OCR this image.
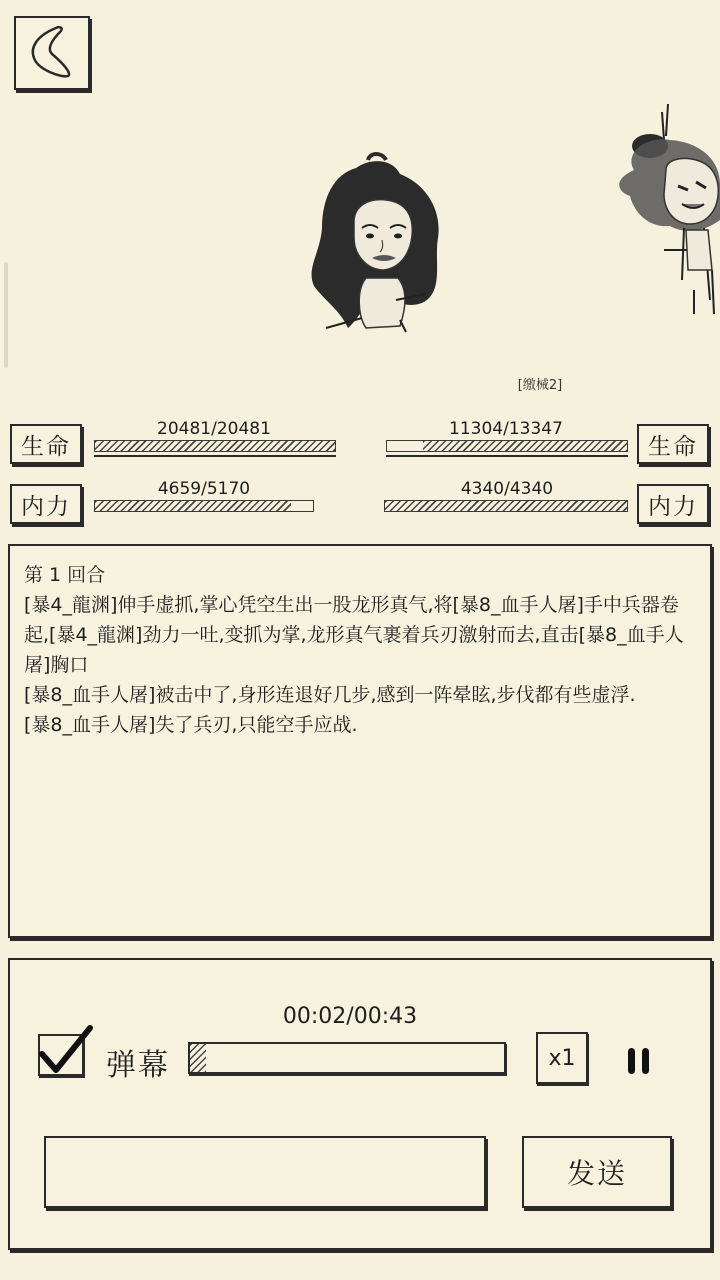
[缴械2]
生命
20481/20481
生命
11304/13347
内力
4659/5170
内力
4340/4340

第 1 回合

[暴4_龍渊]伸手虚抓,掌心凭空生出一股龙形真气,将[暴8_血手人屠]手中兵器卷起,[暴4_龍渊]劲力一吐,变抓为掌,龙形真气裹着兵刃激射而去,直击[暴8_血手人屠]胸口

[暴8_血手人屠]被击中了,身形连退好几步,感到一阵晕眩,步伐都有些虚浮.

[暴8_血手人屠]失了兵刃,只能空手应战.

00:02/00:43
弹幕	x1
发送
